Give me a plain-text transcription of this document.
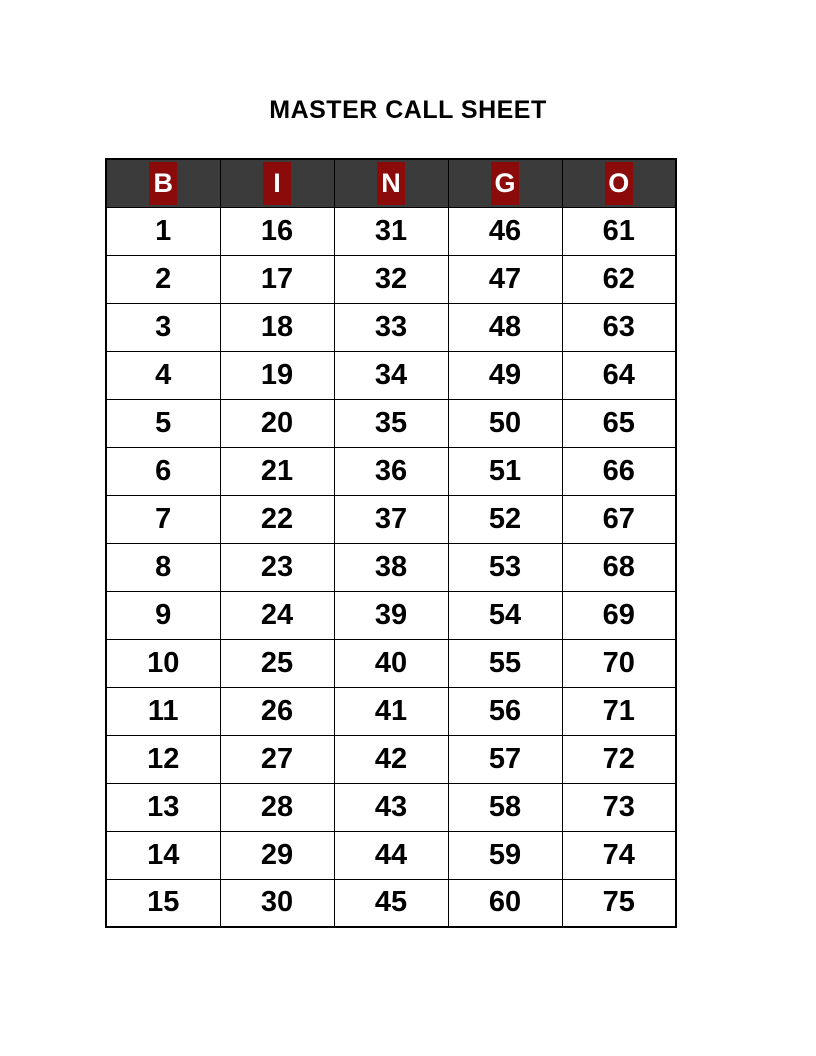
MASTER CALL SHEET
B	I	N	G	O
1	16	31	46	61
2	17	32	47	62
3	18	33	48	63
4	19	34	49	64
5	20	35	50	65
6	21	36	51	66
7	22	37	52	67
8	23	38	53	68
9	24	39	54	69
10	25	40	55	70
11	26	41	56	71
12	27	42	57	72
13	28	43	58	73
14	29	44	59	74
15	30	45	60	75
